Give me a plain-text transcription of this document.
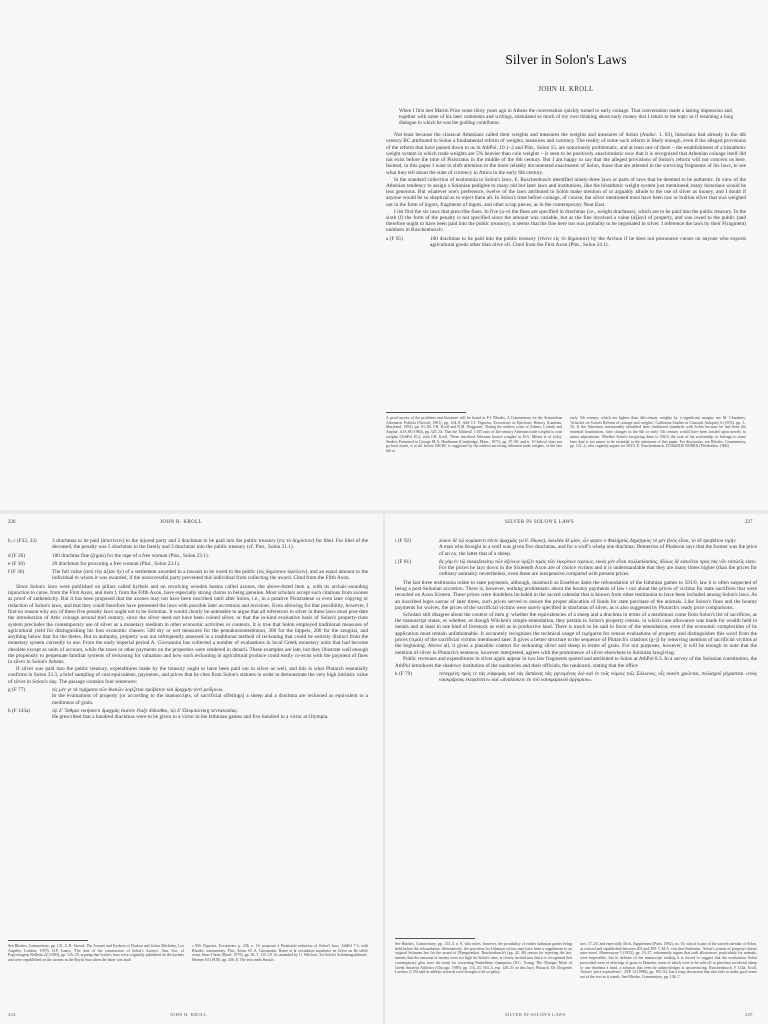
Silver in Solon's Laws
JOHN H. KROLL

When I first met Martin Price some thirty years ago in Athens the conversation quickly turned to early coinage. That conversation made a lasting impression and, together with some of his later comments and writings, stimulated so much of my own thinking about early money that I return to the topic as if resuming a long dialogue in which he was the guiding contributor.

Not least because the classical Athenians called their weights and measures the weights and measures of Solon (Andoc. 1. 83), historians had already in the 4th century BC attributed to Solon a fundamental reform of weights, measures and currency. The reality of some such reform is likely enough, even if the alleged provisions of the reform that have passed down to us in AthPol. 10.1–2 and Plut., Solon 15, are notoriously problematic, and at least one of them – the establishment of a bistathmic weight system in which trade weights are 5% heavier than coin weights – is seen to be positively anachronistic now that it is recognized that Athenian coinage itself did not exist before the time of Pisistratus in the middle of the 6th century. But I am happy to say that the alleged provisions of Solon's reform will not concern us here. Instead, in this paper I want to shift attention to the more reliably documented enactments of Solon, those that are attested in the surviving fragments of his laws, to see what they tell about the state of currency in Attica in the early 6th century.

In the standard collection of testimonia to Solon's laws, E. Ruschenbusch identified ninety-three laws or parts of laws that he deemed to be authentic. In view of the Athenian tendency to assign a Solonian pedigree to many old but later laws and institutions, like the bistathmic weight system just mentioned, many historians would be less generous. But whatever one's preference, twelve of the laws attributed to Solon make mention of or arguably allude to the use of silver as money, and I doubt if anyone would be so skeptical as to reject them all. In Solon's time before coinage, of course, the silver mentioned must have been raw or bullion silver that was weighed out in the form of ingots, fragments of ingots, and other scrap pieces, as in the contemporary Near East.

I list first the six laws that prescribe fines. In five (a–e) the fines are specified in drachmas (i.e., weight drachmas), which are to be paid into the public treasury. In the sixth (f) the form of the penalty is not specified since the amount was variable, but as the fine involved a value (ἀξίαν) of property, and was owed to the public (and therefore ought to have been paid into the public treasury), it seems that the fine here too was probably to be negotiated in silver. I reference the laws by their F(ragment) numbers in Ruschenbusch:

a (F 65)	100 drachmas to be paid into the public treasury (τίνειν εἰς τὸ δημόσιον) by the Archon if he does not pronounce curses on anyone who exports agricultural goods other than olive oil. Cited from the First Axon (Plut., Solon 24.1).

A good survey of the problems and literature will be found in P.J. Rhodes, A Commentary on the Aristotelian Athenaion Politeia (Oxford, 1981), pp. 164–9. Add T.J. Figueira, Excursions in Epichoric History (Lanham, Maryland, 1993), pp. 61–84. J.H. Kroll and N.M. Waggoner, 'Dating the earliest coins of Athens, Corinth and Aegina', AJA 88 (1984), pp. 325–33. That the 'bilateral' 1:105 ratio of 4th-century Athenian trade weights to coin weights (AthPol 10.2, with J.H. Kroll, 'Three inscribed Athenian bronze weights' in D.G. Mitten et al. (eds), Studies Presented to George M.A. Hanfmann (Cambridge, Mass., 1971), pp. 87–90, and n. 10 below) does not go back much, if at all, before 500 BC is suggested by the earliest surviving Athenian trade weights, of the late 6th or

early 5th century, which are lighter than 4th-century weights by a significant margin; see M. Chambers, 'Aristotle on Solon's Reform of coinage and weights', California Studies in Classical Antiquity 6 (1974), pp. 1–16. If the Athenians intentionally identified their traditional standards with Solon because he had been the essential foundations, later changes in the 6th or early 5th century would have been foisted upon merely as minor adjustments. Whether Solon's lawgiving dates to 594/3, the year of his archonship, or belongs to some later date is too minor to be essential to the substance of this paper. For discussion, see Rhodes, Commentary, pp. 121–2, who cogently argues for 594/3. E. Ruschenbusch, ΣΟΛΩΝΟΣ ΝΟΜΟΙ (Wiesbaden, 1966).

226	JOHN H. KROLL
b, c (F32, 33)	3 drachmas to be paid (ἀποτίνειν) to the injured party and 2 drachmas to be paid into the public treasury (εἰς τὸ δημόσιον) for libel. For libel of the deceased, the penalty was 5 drachmas to the family and 3 drachmas into the public treasury (cf. Plut., Solon 21.1).
d (F 26)	100 drachma fine (ζημία) for the rape of a free woman (Plut., Solon 23.1).
e (F 30)	20 drachmas for procuring a free woman (Plut., Solon 23.1).
f (F 36)	The full value (ἀπὸ τὴν ἀξίαν ἣν) of a settlement awarded in a lawsuit to be owed to the public (εἰς δημόσιον ὀφείλειν), and an equal amount to the individual to whom it was awarded, if the unsuccessful party prevented this individual from collecting the award. Cited from the Fifth Axon.

Since Solon's laws were published on pillars called kyrbeis and on revolving wooden beams called axones, the above-listed item a, with its archaic-sounding injunction to curse, from the First Axon, and item f, from the Fifth Axon, have especially strong claims to being genuine. Most scholars accept such citations from axones as proof of authenticity. But it has been proposed that the axones may not have been inscribed until after Solon, i.e., in a putative Pisistratean or even later copying or redaction of Solon's laws, and that they could therefore have presented the laws with possible later accretions and revisions. Even allowing for that possibility, however, I find no reason why any of these five penalty laws ought not to be Solonian. It would clearly be untenable to argue that all references to silver in these laws must post-date the introduction of Attic coinage around mid century, since the silver need not have been coined silver, or that the in-kind evaluative basis of Solon's property-class system precludes the contemporary use of silver as a monetary medium in other economic activities or contexts. It is true that Solon employed traditional measures of agricultural yield for distinguishing his four economic classes: 500 dry or wet measures for the pentakosiomedimnoi, 300 for the hippeis, 200 for the zeugitai, and anything below that for the thetes. But in antiquity, property was not infrequently assessed in a traditional method of reckoning that could be entirely distinct from the monetary system currently in use. From the early imperial period A. Giovannini has collected a number of evaluations in local Greek monetary units that had become obsolete except as units of account, while the taxes or other payments on the properties were rendered in denarii. These examples are late, but they illustrate well enough the propensity to perpetuate familiar systems of reckoning for valuation and how such reckoning in agricultural produce could easily co-exist with the payment of fines in silver in Solon's Athens.

If silver was paid into the public treasury, expenditures made by the treasury ought to have been paid out in silver as well, and this is what Plutarch essentially confirms in Solon 23.3, a brief sampling of cost equivalents, payments, and prices that he cites from Solon's statutes in order to demonstrate the very high intrinsic value of silver in Solon's day. The passage contains four sentences:

g (F 77)	εἰς μὲν γε τὰ τιμήματα τῶν θυσιῶν λογίζεται πρόβατον καὶ δραχμὴν ἀντὶ μεδίμνου.
In the evaluations of property [or according to the manuscripts, of sacrificial offerings] a sheep and a drachma are reckoned as equivalent to a medimnos of grain.
h (F 143a)	τῷ δ' Ἴσθμια νικήσαντι δραχμὰς ἑκατὸν ἔταξε δίδοσθαι, τῷ δ' Ὀλυμπιονίκῃ πεντακοσίας.
He prescribed that a hundred drachmas were to be given to a victor in the Isthmian games and five hundred to a victor at Olympia.

See Rhodes, Commentary, pp. 131–5; R. Stroud, The Axones and Kyrbeis of Drakon and Solon (Berkeley, Los Angeles, London, 1979). H.P. Isaacs, 'The date of the construction of Solon's Axones', Ann. Soc. of Papyrologists Bulletin 22 (1983), pp. 125–35, arguing that Solon's laws were originally published on the kyrbeis and were republished on the axones in the Royal Stoa when the latter was built

c.500. Figueira, Excursions, p. 236, n. 16, proposes a Pisistratid redaction of Solon's laws. AthPol 7.3, with Rhodes' commentary; Plut., Solon 18. A. Giovannini, Rome et la circulation monétaire en Grèce au IIe siècle avant Jésus-Christ (Basel, 1978), pp. 36–7, 115–18. As amended by U. Wilcken, 'Zu Solon's Schätzungsklassen', Hermes 63 (1928), pp. 236–8. The text reads θυσιῶν.

SILVER IN SOLON'S LAWS	227
i (F 92)	λύκον δὲ τῷ κομίσαντι πέντε δραχμὰς (scil. ἔδωκε), λυκιδέα δὲ μίαν, ὧν φησιν ὁ Φαληρεὺς Δημήτριος τὸ μὲν βοὸς εἶναι, τὸ δὲ προβάτου τιμήν.
A man who brought in a wolf was given five drachmas, and for a wolf's whelp one drachma; Demetrios of Phaleron says that the former was the price of an ox, the latter that of a sheep.
j (F 81)	ἃς γὰρ ἐν τῷ ἑκκαιδεκάτῳ τῶν ἀξόνων ὁρίζει τιμὰς τῶν ἐκκρίτων ἱερείων, εἰκὸς μὲν εἶναι πολλαπλασίας, ἄλλως δὲ κἀκεῖναι πρὸς τὰς νῦν εὐτελεῖς εἰσιν.
For the prices he lays down in the Sixteenth Axon are of choice victims and it is understandable that they are many times higher (than the prices for ordinary animals); nevertheless, even these are inexpensive compared with present prices.

The last three testimonia relate to state payments, although, inasmuch as Eusebius dates the refoundation of the Isthmian games to 581/0, law h is often suspected of being a post-Solonian accretion. There is, however, nothing problematic about the bounty payments of law i nor about the prices of victims for state sacrifices that were recorded on Axon Sixteen. These prices were doubtless included in the sacred calendar that is known from other testimonia to have been included among Solon's laws. As an inscribed leges sacrae of later times, such prices served to ensure the proper allocation of funds for state purchase of the animals. Like Solon's fines and the bounty payments for wolves, the prices of the sacrificial victims were surely specified in drachmas of silver, as is also suggested by Plutarch's ready price comparisons.

Scholars still disagree about the context of item g: whether the equivalencies of a sheep and a drachma in terms of a medimnos come from Solon's list of sacrifices, as the manuscript states, or whether, as though Wilcken's simple emendation, they pertain to Solon's property census, in which case allowance was made for wealth held in metals and at least in one kind of livestock as well as in productive land. There is much to be said in favor of the emendation, even if the economic complexities of its application must remain unfathomable. It accurately recognizes the technical usage of τιμήματα for census evaluations of property and distinguishes this word from the prices (τιμαί) of the sacrificial victims mentioned later. It gives a better structure to the sequence of Plutarch's citations (g–j) by removing mention of sacrificial victims at the beginning. Above all, it gives a plausible context for reckoning silver and sheep in terms of grain. For our purposes, however, it will be enough to note that the mention of silver in Plutarch's sentence, however interpreted, agrees with the prominence of silver elsewhere in Solonian lawgiving.

Public revenues and expenditures in silver again appear in two law fragments quoted and attributed to Solon at AthPol 8.3. In a survey of the Solonian constitution, the AthPol introduces the shadowy institution of the naukraries and their officials, the naukraroi, stating that the office

k (F 79)	τεταγμένη πρός τε τὰς εἰσφορὰς καὶ τὰς δαπάνας τὰς γιγνομένας διὸ καὶ ἐν τοῖς νόμοις τοῖς Σόλωνος, οἷς οὐκέτι χρῶνται, πολλαχοῦ γέγραπται «τοὺς ναυκράρους ἐκπράττειν» καὶ «ἀναλίσκειν ἐκ τοῦ ναυκραρικοῦ ἀργυρίου».

See Rhodes, Commentary, pp. 153–4, n. 9, who notes, however, the possibility of earlier Isthmian games being held before the refoundation. Alternatively, the provision for Isthmian victors may have been a supplement to an original Solonian law for the award of Olympionikai. Ruschenbusch's (pp. 42, 46) reason for rejecting the law, namely that the amounts of money were too high for Solon's time, is clearly invalid now that it is recognized that contemporary gifts were the norm for rewarding Panhellenic champions (D.C. Young, The Olympic Myth of Greek Amateur Athletics (Chicago, 1985), pp. 115–33, 163–5, esp. 128–31 on this law). Plutarch, Dr. Diogenes Laertius (1.55) said in athletic rewards were brought to be so paltry.

tors. 17–20, and especially, Dick, Supplement (Paris, 1982), no. 10, which is part of the sacred calendar of Solon, as revised and republished between 403 and 399. C.M.A. von den Oudenrijn, 'Solon's system of property-classes once more', Mnemosyne 5 (1952), pp. 19–27, vehemently argues that such allowances, particularly for animals, were impossible, but in defense of the manuscript reading it is forced to suggest that the evaluations Solon prescribed were of offerings of grain to Demeter, some of which were to be sold off to purchase sacrificial sheep or one drachma a head, a solution that even he acknowledges is unconvincing. Ruschenbusch, F 143a; Kroll, 'Solon's 'price-equivalents'', ZEP 14 (1986), pp. 185–92, has a long discussion that also fails to make good sense out of the text as it stands. See Rhodes, Commentary, pp. 136–7.

224	JOHN H. KROLL	SILVER IN SOLON'S LAWS	229
